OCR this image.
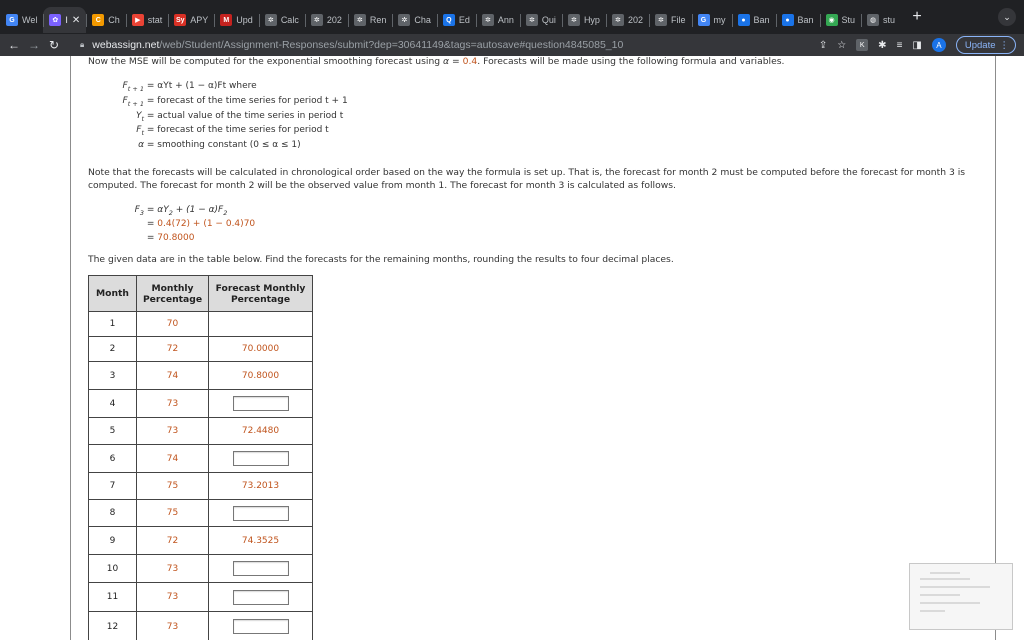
G Wel	✿ I ✕	C Ch	▶ stat Sy APY	M Upd	✲ Calc	✲ 202	✲ Ren	✲ Cha	Q Ed	✲ Ann	✲ Qui	✲ Hyp	✲ 202	✲ File	G my	● Ban	● Ban	◉ Stu	◍ stu	+	⌄
← → ↻	🔒︎ webassign.net /web/Student/Assignment-Responses/submit?dep=30641149&tags=autosave#question4845085_10	⇪ ☆	K	✱ ≡ ◨	A	Update ⋮
Now the MSE will be computed for the exponential smoothing forecast using α = 0.4. Forecasts will be made using the following formula and variables.
$F_{t + 1} = \alpha Yt + (1 - \alpha)Ft$ where
$F_{t + 1}$ = forecast of the time series for period t + 1
$Y_t$ = actual value of the time series in period t
$F_t$ = forecast of the time series for period t
α = smoothing constant (0 ≤ α ≤ 1)
Note that the forecasts will be calculated in chronological order based on the way the formula is set up. That is, the forecast for month 2 must be computed before the forecast for month 3 is
computed. The forecast for month 2 will be the observed value from month 1. The forecast for month 3 is calculated as follows.
$F_3 = \alpha Y_2 + (1 - \alpha)F_2$
= 0.4(72) + (1 − 0.4)70
= 70.8000
The given data are in the table below. Find the forecasts for the remaining months, rounding the results to four decimal places.
Month	Monthly Percentage	Forecast Monthly Percentage
1	70	
2	72	70.0000
3	74	70.8000
4	73	
5	73	72.4480
6	74	
7	75	73.2013
8	75	
9	72	74.3525
10	73	
11	73	
12	73	
